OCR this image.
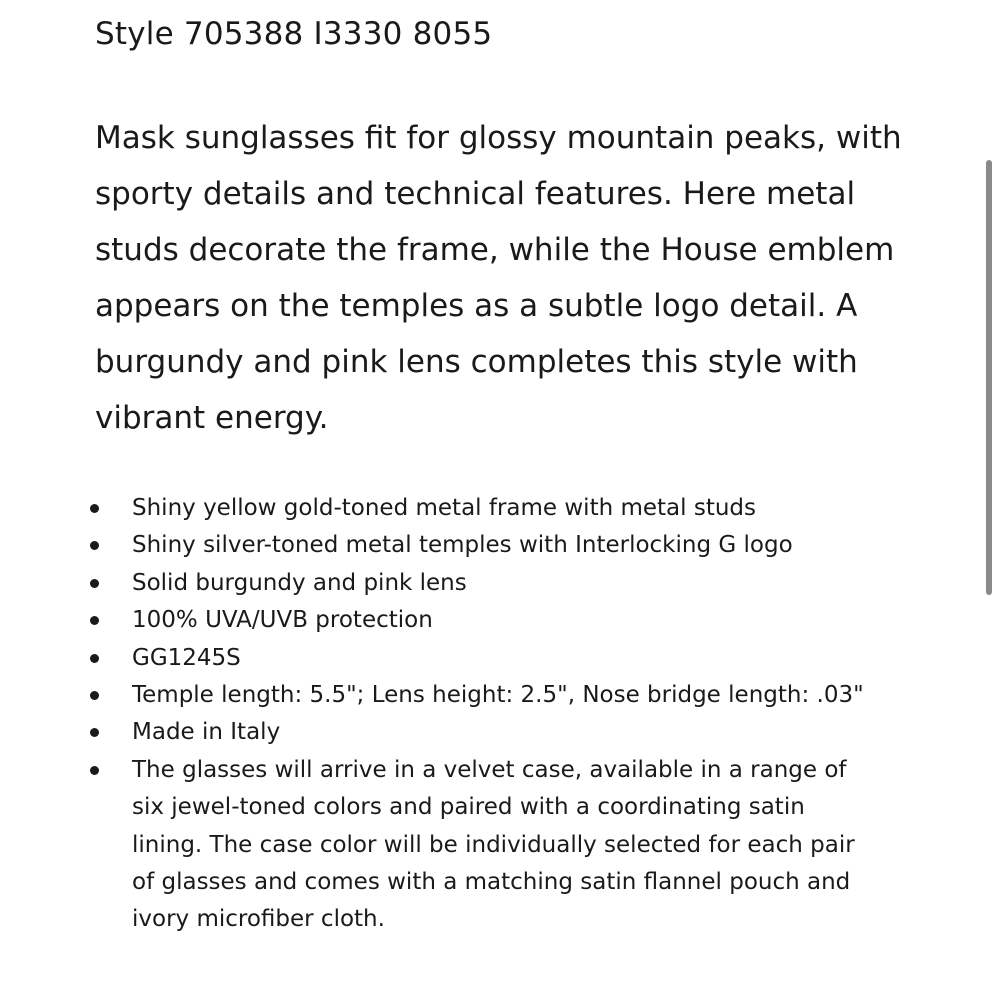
Style 705388 I3330 8055

Mask sunglasses fit for glossy mountain peaks, with sporty details and technical features. Here metal studs decorate the frame, while the House emblem appears on the temples as a subtle logo detail. A burgundy and pink lens completes this style with vibrant energy.

Shiny yellow gold-toned metal frame with metal studs
Shiny silver-toned metal temples with Interlocking G logo
Solid burgundy and pink lens
100% UVA/UVB protection
GG1245S
Temple length: 5.5"; Lens height: 2.5", Nose bridge length: .03"
Made in Italy
The glasses will arrive in a velvet case, available in a range of six jewel-toned colors and paired with a coordinating satin lining. The case color will be individually selected for each pair of glasses and comes with a matching satin flannel pouch and ivory microfiber cloth.
